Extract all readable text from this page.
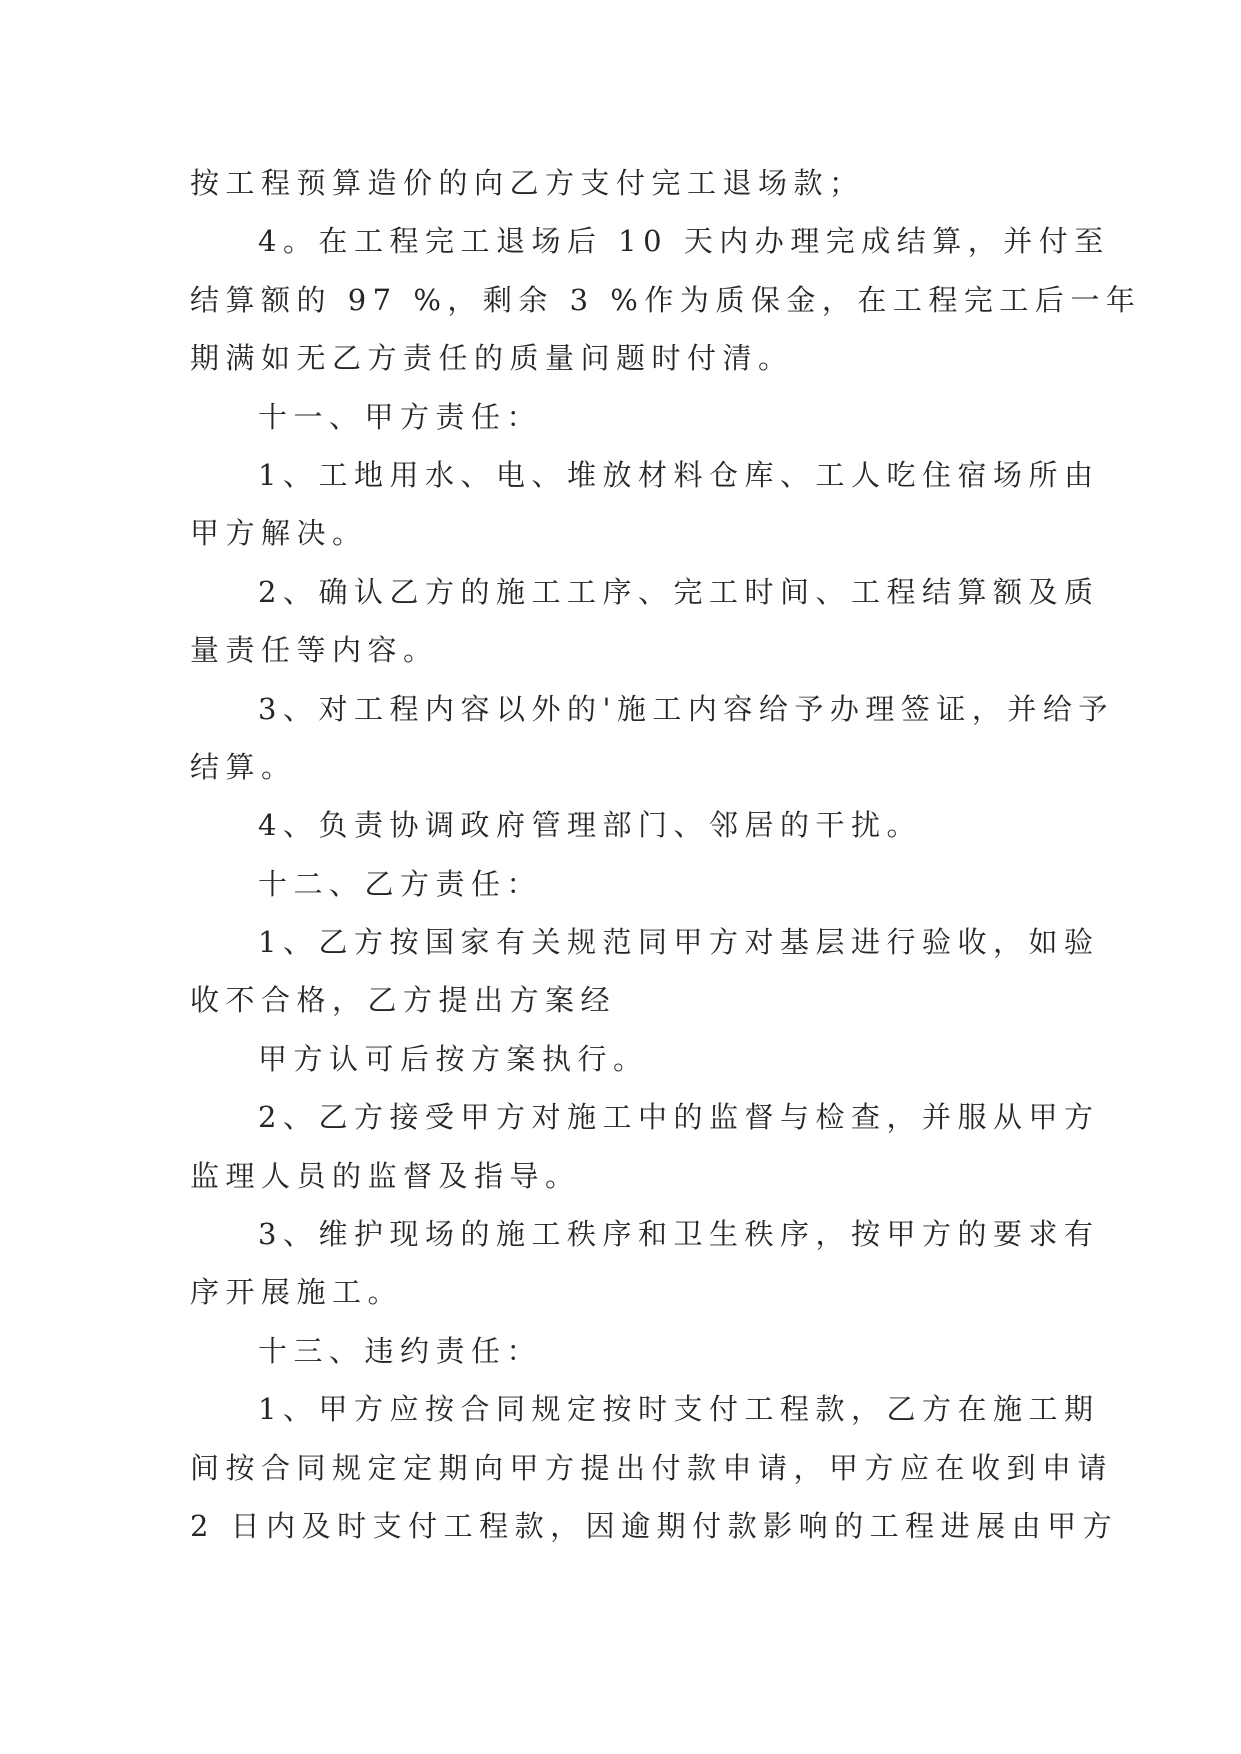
按工程预算造价的向乙方支付完工退场款；
4。在工程完工退场后 10 天内办理完成结算，并付至
结算额的 97 %，剩余 3 %作为质保金，在工程完工后一年
期满如无乙方责任的质量问题时付清。
十一、甲方责任：
1、工地用水、电、堆放材料仓库、工人吃住宿场所由
甲方解决。
2、确认乙方的施工工序、完工时间、工程结算额及质
量责任等内容。
3、对工程内容以外的'施工内容给予办理签证，并给予
结算。
4、负责协调政府管理部门、邻居的干扰。
十二、乙方责任：
1、乙方按国家有关规范同甲方对基层进行验收，如验
收不合格，乙方提出方案经
甲方认可后按方案执行。
2、乙方接受甲方对施工中的监督与检查，并服从甲方
监理人员的监督及指导。
3、维护现场的施工秩序和卫生秩序，按甲方的要求有
序开展施工。
十三、违约责任：
1、甲方应按合同规定按时支付工程款，乙方在施工期
间按合同规定定期向甲方提出付款申请，甲方应在收到申请
2 日内及时支付工程款，因逾期付款影响的工程进展由甲方
